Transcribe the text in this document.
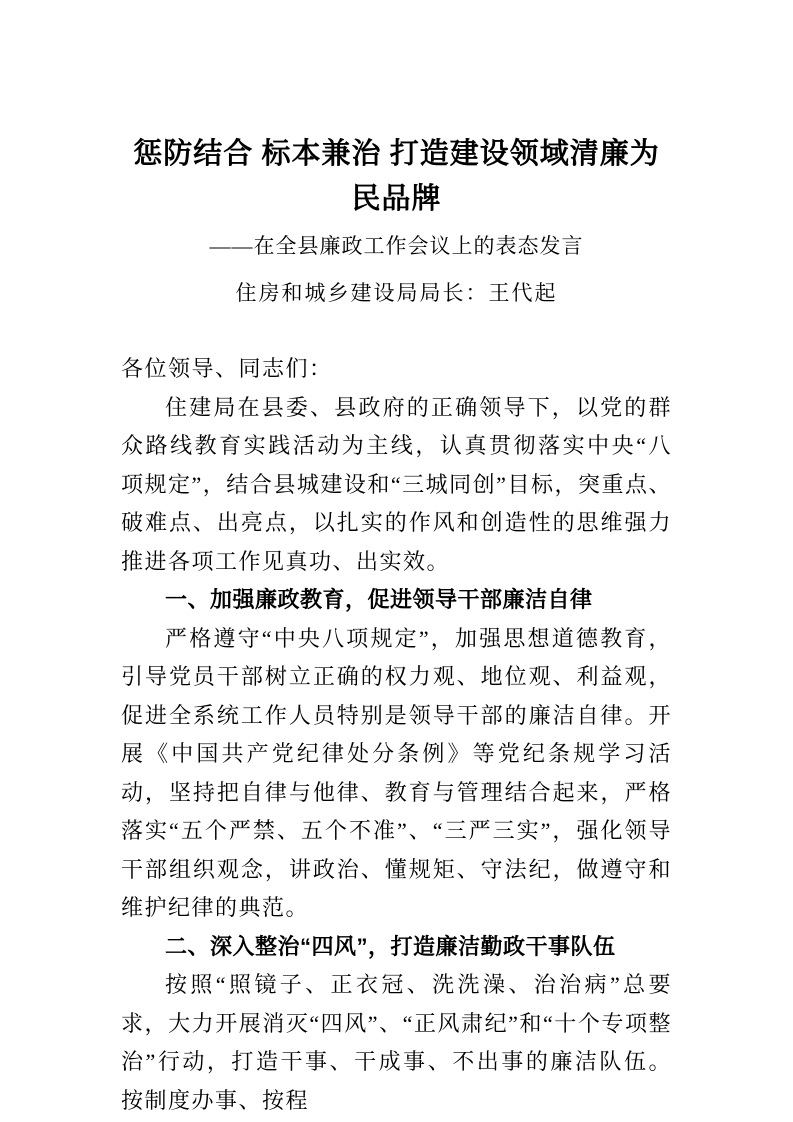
惩防结合 标本兼治 打造建设领域清廉为
民品牌
——在全县廉政工作会议上的表态发言
住房和城乡建设局局长：王代起

各位领导、同志们：

住建局在县委、县政府的正确领导下，以党的群众路线教育实践活动为主线，认真贯彻落实中央“八项规定”，结合县城建设和“三城同创”目标，突重点、破难点、出亮点，以扎实的作风和创造性的思维强力推进各项工作见真功、出实效。

一、加强廉政教育，促进领导干部廉洁自律

严格遵守“中央八项规定”，加强思想道德教育，引导党员干部树立正确的权力观、地位观、利益观，促进全系统工作人员特别是领导干部的廉洁自律。开展《中国共产党纪律处分条例》等党纪条规学习活动，坚持把自律与他律、教育与管理结合起来，严格落实“五个严禁、五个不准”、“三严三实”，强化领导干部组织观念，讲政治、懂规矩、守法纪，做遵守和维护纪律的典范。

二、深入整治“四风”，打造廉洁勤政干事队伍

按照“照镜子、正衣冠、洗洗澡、治治病”总要求，大力开展消灭“四风”、“正风肃纪”和“十个专项整治”行动，打造干事、干成事、不出事的廉洁队伍。按制度办事、按程
